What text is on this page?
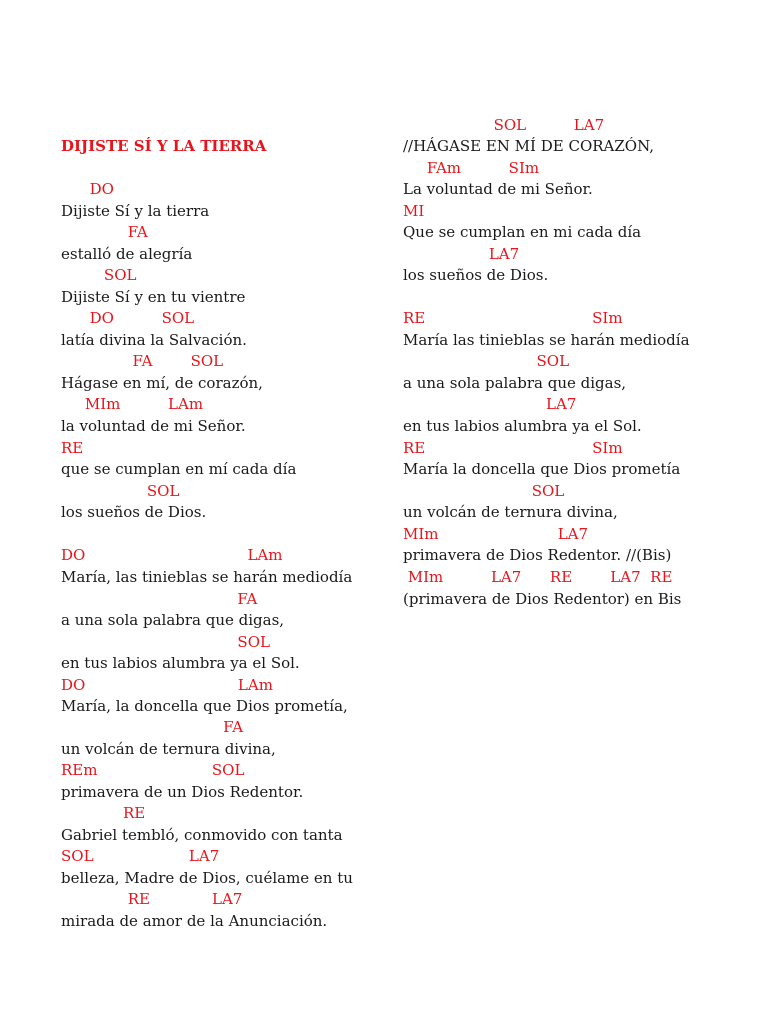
DIJISTE SÍ Y LA TIERRA
DO
Dijiste Sí y la tierra
FA
estalló de alegría
SOL
Dijiste Sí y en tu vientre
DO          SOL
latía divina la Salvación.
FA        SOL
Hágase en mí, de corazón,
MIm          LAm
la voluntad de mi Señor.
RE
que se cumplan en mí cada día
SOL
los sueños de Dios.
DO                                  LAm
María, las tinieblas se harán mediodía
FA
a una sola palabra que digas,
SOL
en tus labios alumbra ya el Sol.
DO                                LAm
María, la doncella que Dios prometía,
FA
un volcán de ternura divina,
REm                        SOL
primavera de un Dios Redentor.
RE
Gabriel tembló, conmovido con tanta
SOL                    LA7
belleza, Madre de Dios, cuélame en tu
RE             LA7
mirada de amor de la Anunciación.
SOL          LA7
//HÁGASE EN MÍ DE CORAZÓN,
FAm          SIm
La voluntad de mi Señor.
MI
Que se cumplan en mi cada día
LA7
los sueños de Dios.
RE                                   SIm
María las tinieblas se harán mediodía
SOL
a una sola palabra que digas,
LA7
en tus labios alumbra ya el Sol.
RE                                   SIm
María la doncella que Dios prometía
SOL
un volcán de ternura divina,
MIm                         LA7
primavera de Dios Redentor. //(Bis)
MIm          LA7      RE        LA7  RE
(primavera de Dios Redentor) en Bis
